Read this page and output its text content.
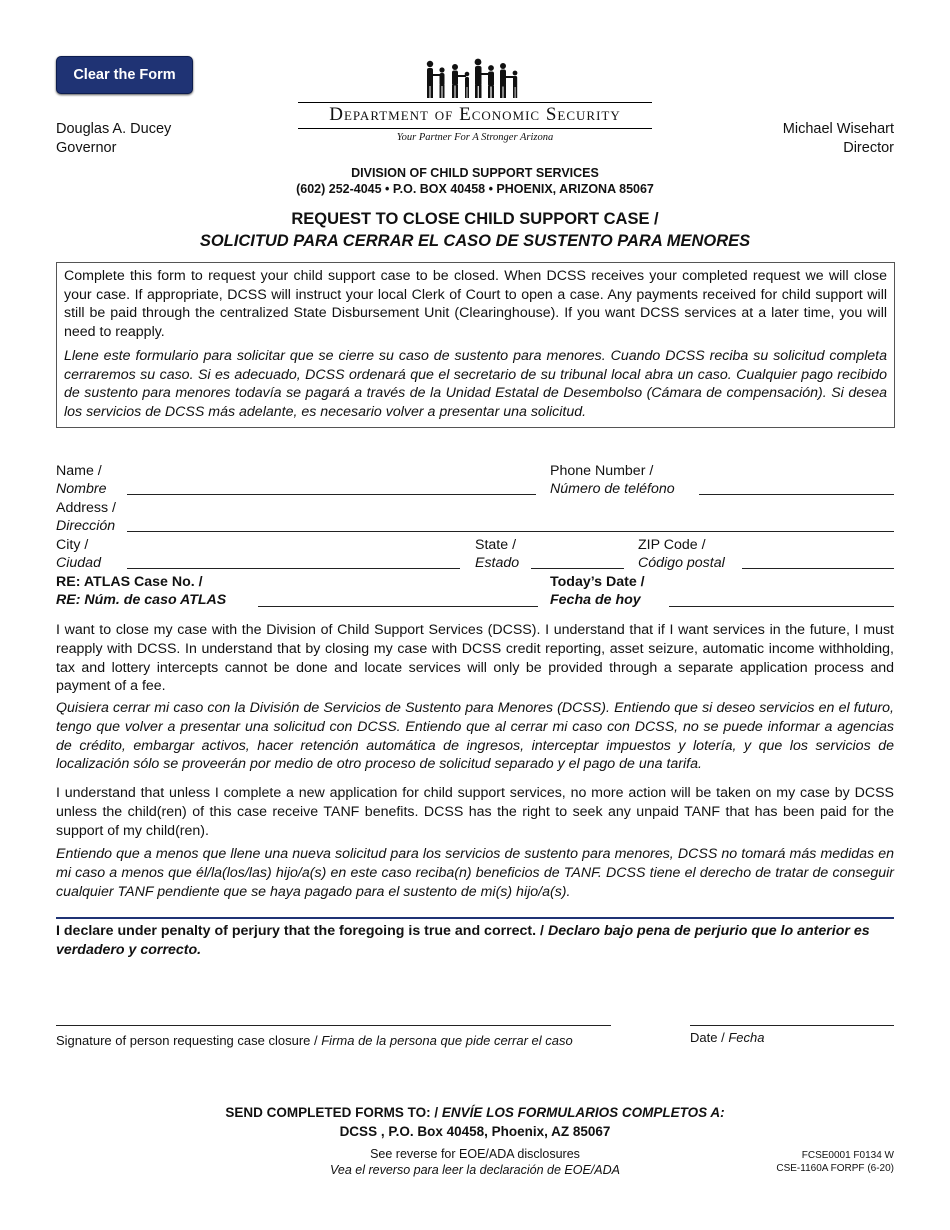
Clear the Form
Department of Economic Security
Your Partner For A Stronger Arizona
Douglas A. Ducey
Governor
Michael Wisehart
Director
DIVISION OF CHILD SUPPORT SERVICES
(602) 252-4045 • P.O. BOX 40458 • PHOENIX, ARIZONA 85067
REQUEST TO CLOSE CHILD SUPPORT CASE /
SOLICITUD PARA CERRAR EL CASO DE SUSTENTO PARA MENORES

Complete this form to request your child support case to be closed. When DCSS receives your completed request we will close your case. If appropriate, DCSS will instruct your local Clerk of Court to open a case. Any payments received for child support will still be paid through the centralized State Disbursement Unit (Clearinghouse). If you want DCSS services at a later time, you will need to reapply.

Llene este formulario para solicitar que se cierre su caso de sustento para menores. Cuando DCSS reciba su solicitud completa cerraremos su caso. Si es adecuado, DCSS ordenará que el secretario de su tribunal local abra un caso. Cualquier pago recibido de sustento para menores todavía se pagará a través de la Unidad Estatal de Desembolso (Cámara de compensación). Si desea los servicios de DCSS más adelante, es necesario volver a presentar una solicitud.

Name /
Nombre
Phone Number /
Número de teléfono
Address /
Dirección
City /
Ciudad
State /
Estado
ZIP Code /
Código postal
RE: ATLAS Case No. /
RE: Núm. de caso ATLAS
Today’s Date /
Fecha de hoy
I want to close my case with the Division of Child Support Services (DCSS). I understand that if I want services in the future, I must reapply with DCSS. In understand that by closing my case with DCSS credit reporting, asset seizure, automatic income withholding, tax and lottery intercepts cannot be done and locate services will only be provided through a separate application process and payment of a fee.
Quisiera cerrar mi caso con la División de Servicios de Sustento para Menores (DCSS). Entiendo que si deseo servicios en el futuro, tengo que volver a presentar una solicitud con DCSS. Entiendo que al cerrar mi caso con DCSS, no se puede informar a agencias de crédito, embargar activos, hacer retención automática de ingresos, interceptar impuestos y lotería, y que los servicios de localización sólo se proveerán por medio de otro proceso de solicitud separado y el pago de una tarifa.
I understand that unless I complete a new application for child support services, no more action will be taken on my case by DCSS unless the child(ren) of this case receive TANF benefits. DCSS has the right to seek any unpaid TANF that has been paid for the support of my child(ren).
Entiendo que a menos que llene una nueva solicitud para los servicios de sustento para menores, DCSS no tomará más medidas en mi caso a menos que él/la(los/las) hijo/a(s) en este caso reciba(n) beneficios de TANF. DCSS tiene el derecho de tratar de conseguir cualquier TANF pendiente que se haya pagado para el sustento de mi(s) hijo/a(s).
I declare under penalty of perjury that the foregoing is true and correct. / Declaro bajo pena de perjurio que lo anterior es verdadero y correcto.
Signature of person requesting case closure / Firma de la persona que pide cerrar el caso	Date / Fecha
SEND COMPLETED FORMS TO: / ENVÍE LOS FORMULARIOS COMPLETOS A:
DCSS , P.O. Box 40458, Phoenix, AZ 85067
See reverse for EOE/ADA disclosures
Vea el reverso para leer la declaración de EOE/ADA
FCSE0001 F0134 W
CSE-1160A FORPF (6-20)
